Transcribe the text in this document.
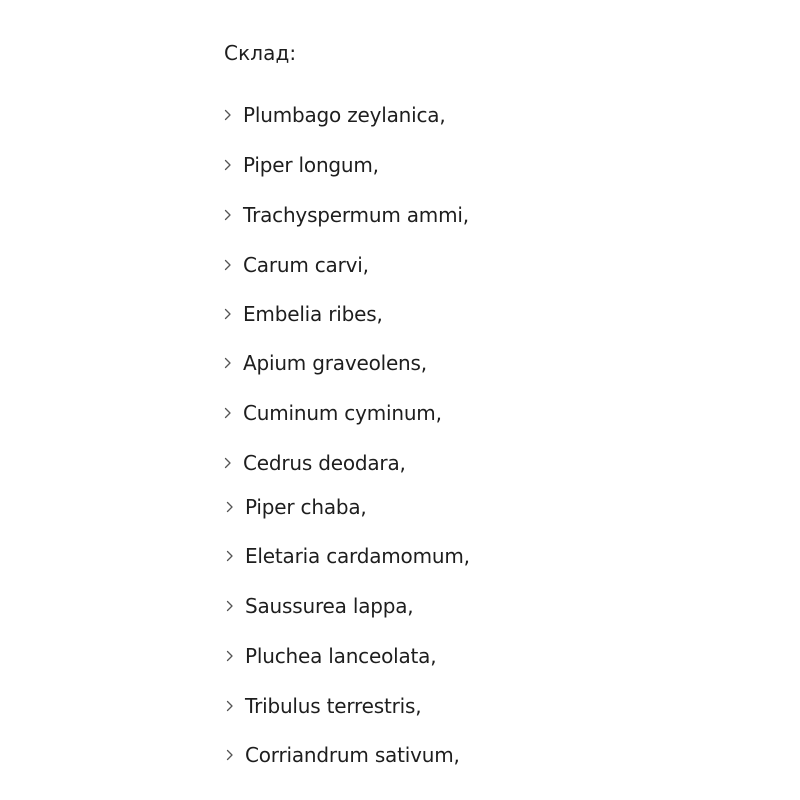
Склад:
Plumbago zeylanica,
Piper longum,
Trachyspermum ammi,
Carum carvi,
Embelia ribes,
Apium graveolens,
Cuminum cyminum,
Cedrus deodara,
Piper chaba,
Eletaria cardamomum,
Saussurea lappa,
Pluchea lanceolata,
Tribulus terrestris,
Corriandrum sativum,
